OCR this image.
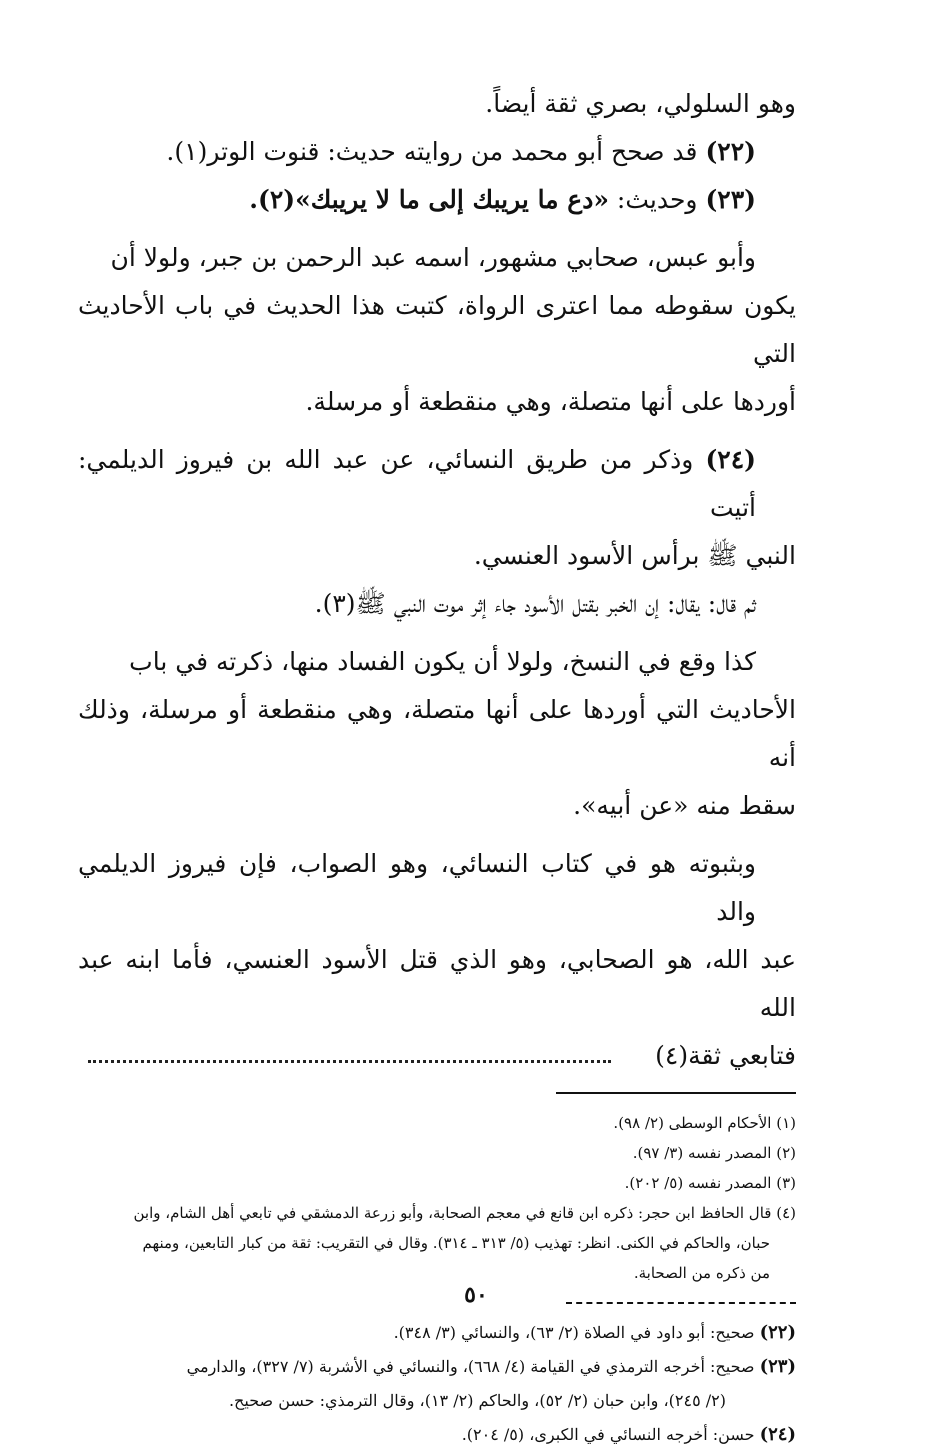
وهو السلولي، بصري ثقة أيضاً.

(٢٢) قد صحح أبو محمد من روايته حديث: قنوت الوتر(١).

(٢٣) وحديث: «دع ما يريبك إلى ما لا يريبك»(٢).

وأبو عبس، صحابي مشهور، اسمه عبد الرحمن بن جبر، ولولا أن

يكون سقوطه مما اعترى الرواة، كتبت هذا الحديث في باب الأحاديث التي

أوردها على أنها متصلة، وهي منقطعة أو مرسلة.

(٢٤) وذكر من طريق النسائي، عن عبد الله بن فيروز الديلمي: أتيت

النبي ﷺ برأس الأسود العنسي.

ثم قال: يقال: إن الخبر بقتل الأسود جاء إثر موت النبي ﷺ(٣).

كذا وقع في النسخ، ولولا أن يكون الفساد منها، ذكرته في باب

الأحاديث التي أوردها على أنها متصلة، وهي منقطعة أو مرسلة، وذلك أنه

سقط منه «عن أبيه».

وبثبوته هو في كتاب النسائي، وهو الصواب، فإن فيروز الديلمي والد

عبد الله، هو الصحابي، وهو الذي قتل الأسود العنسي، فأما ابنه عبد الله

فتابعي ثقة(٤)

(١) الأحكام الوسطى (٢/ ٩٨).

(٢) المصدر نفسه (٣/ ٩٧).

(٣) المصدر نفسه (٥/ ٢٠٢).

(٤) قال الحافظ ابن حجر: ذكره ابن قانع في معجم الصحابة، وأبو زرعة الدمشقي في تابعي أهل الشام، وابن

حبان، والحاكم في الكنى. انظر: تهذيب (٥/ ٣١٣ ـ ٣١٤). وقال في التقريب: ثقة من كبار التابعين، ومنهم

من ذكره من الصحابة.

(٢٢) صحيح: أبو داود في الصلاة (٢/ ٦٣)، والنسائي (٣/ ٣٤٨).

(٢٣) صحيح: أخرجه الترمذي في القيامة (٤/ ٦٦٨)، والنسائي في الأشربة (٧/ ٣٢٧)، والدارمي

(٢/ ٢٤٥)، وابن حبان (٢/ ٥٢)، والحاكم (٢/ ١٣)، وقال الترمذي: حسن صحيح.

(٢٤) حسن: أخرجه النسائي في الكبرى، (٥/ ٢٠٤).

٥٠
